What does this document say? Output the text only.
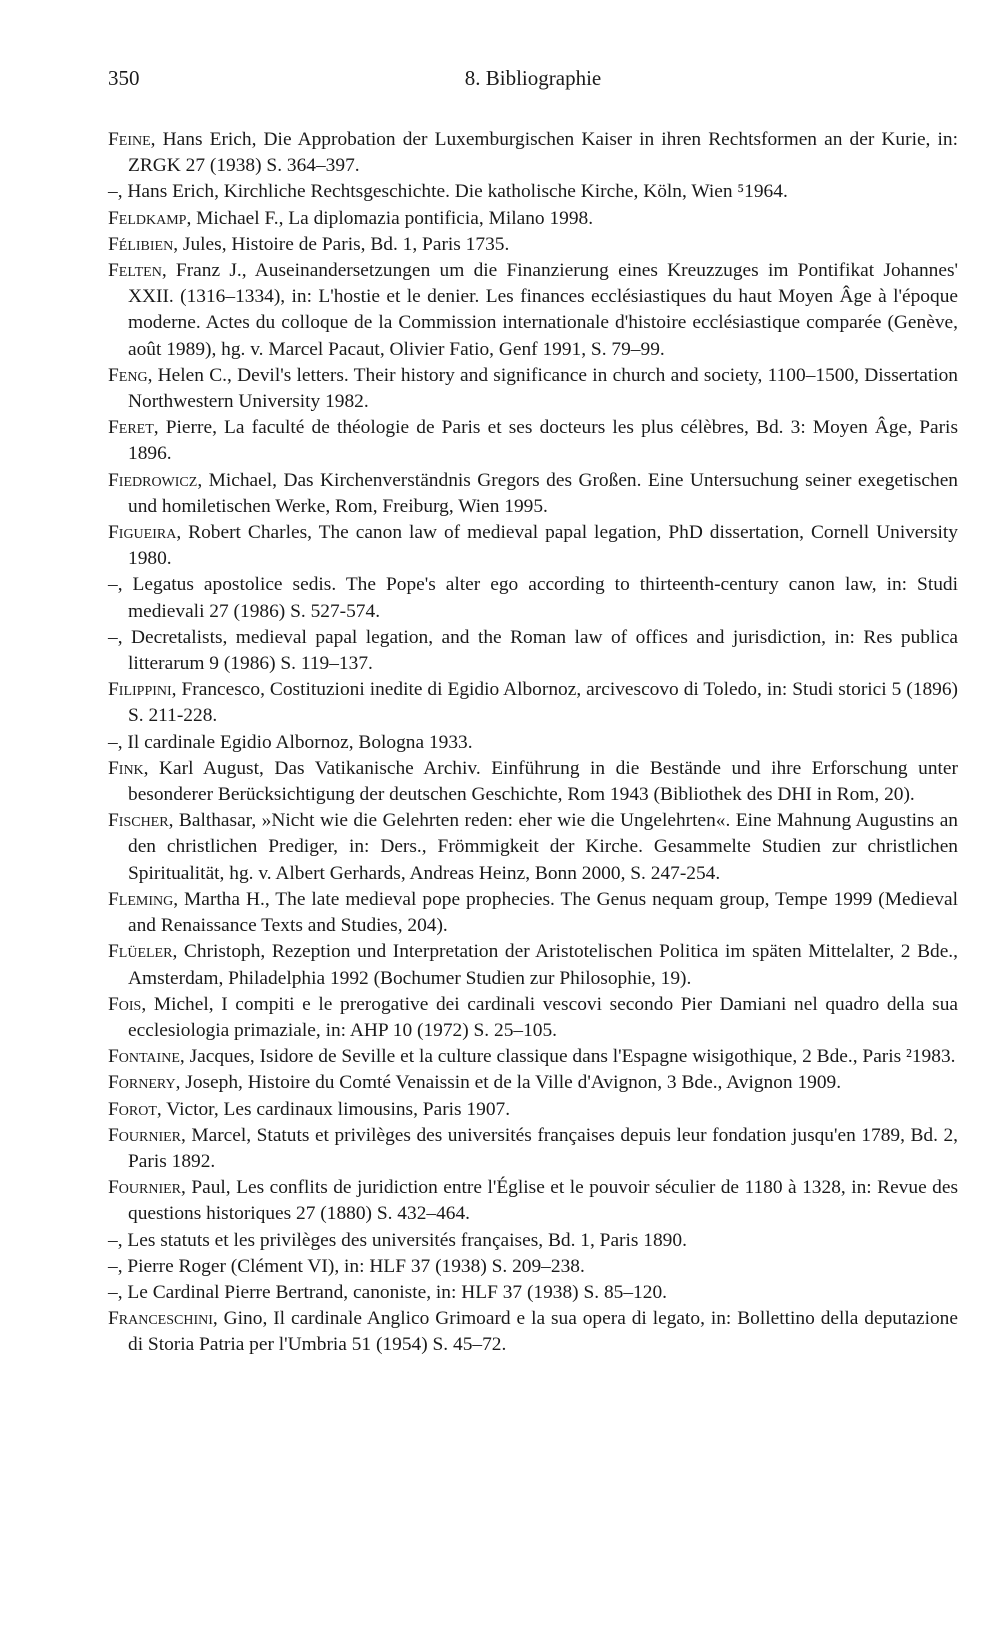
350	8. Bibliographie

Feine, Hans Erich, Die Approbation der Luxemburgischen Kaiser in ihren Rechtsformen an der Kurie, in: ZRGK 27 (1938) S. 364–397.

–, Hans Erich, Kirchliche Rechtsgeschichte. Die katholische Kirche, Köln, Wien ⁵1964.

Feldkamp, Michael F., La diplomazia pontificia, Milano 1998.

Félibien, Jules, Histoire de Paris, Bd. 1, Paris 1735.

Felten, Franz J., Auseinandersetzungen um die Finanzierung eines Kreuzzuges im Pontifikat Johannes' XXII. (1316–1334), in: L'hostie et le denier. Les finances ecclésiastiques du haut Moyen Âge à l'époque moderne. Actes du colloque de la Commission internationale d'histoire ecclésiastique comparée (Genève, août 1989), hg. v. Marcel Pacaut, Olivier Fatio, Genf 1991, S. 79–99.

Feng, Helen C., Devil's letters. Their history and significance in church and society, 1100–1500, Dissertation Northwestern University 1982.

Feret, Pierre, La faculté de théologie de Paris et ses docteurs les plus célèbres, Bd. 3: Moyen Âge, Paris 1896.

Fiedrowicz, Michael, Das Kirchenverständnis Gregors des Großen. Eine Untersuchung seiner exegetischen und homiletischen Werke, Rom, Freiburg, Wien 1995.

Figueira, Robert Charles, The canon law of medieval papal legation, PhD dissertation, Cornell University 1980.

–, Legatus apostolice sedis. The Pope's alter ego according to thirteenth-century canon law, in: Studi medievali 27 (1986) S. 527-574.

–, Decretalists, medieval papal legation, and the Roman law of offices and jurisdiction, in: Res publica litterarum 9 (1986) S. 119–137.

Filippini, Francesco, Costituzioni inedite di Egidio Albornoz, arcivescovo di Toledo, in: Studi storici 5 (1896) S. 211-228.

–, Il cardinale Egidio Albornoz, Bologna 1933.

Fink, Karl August, Das Vatikanische Archiv. Einführung in die Bestände und ihre Erforschung unter besonderer Berücksichtigung der deutschen Geschichte, Rom 1943 (Bibliothek des DHI in Rom, 20).

Fischer, Balthasar, »Nicht wie die Gelehrten reden: eher wie die Ungelehrten«. Eine Mahnung Augustins an den christlichen Prediger, in: Ders., Frömmigkeit der Kirche. Gesammelte Studien zur christlichen Spiritualität, hg. v. Albert Gerhards, Andreas Heinz, Bonn 2000, S. 247-254.

Fleming, Martha H., The late medieval pope prophecies. The Genus nequam group, Tempe 1999 (Medieval and Renaissance Texts and Studies, 204).

Flüeler, Christoph, Rezeption und Interpretation der Aristotelischen Politica im späten Mittelalter, 2 Bde., Amsterdam, Philadelphia 1992 (Bochumer Studien zur Philosophie, 19).

Fois, Michel, I compiti e le prerogative dei cardinali vescovi secondo Pier Damiani nel quadro della sua ecclesiologia primaziale, in: AHP 10 (1972) S. 25–105.

Fontaine, Jacques, Isidore de Seville et la culture classique dans l'Espagne wisigothique, 2 Bde., Paris ²1983.

Fornery, Joseph, Histoire du Comté Venaissin et de la Ville d'Avignon, 3 Bde., Avignon 1909.

Forot, Victor, Les cardinaux limousins, Paris 1907.

Fournier, Marcel, Statuts et privilèges des universités françaises depuis leur fondation jusqu'en 1789, Bd. 2, Paris 1892.

Fournier, Paul, Les conflits de juridiction entre l'Église et le pouvoir séculier de 1180 à 1328, in: Revue des questions historiques 27 (1880) S. 432–464.

–, Les statuts et les privilèges des universités françaises, Bd. 1, Paris 1890.

–, Pierre Roger (Clément VI), in: HLF 37 (1938) S. 209–238.

–, Le Cardinal Pierre Bertrand, canoniste, in: HLF 37 (1938) S. 85–120.

Franceschini, Gino, Il cardinale Anglico Grimoard e la sua opera di legato, in: Bollettino della deputazione di Storia Patria per l'Umbria 51 (1954) S. 45–72.
